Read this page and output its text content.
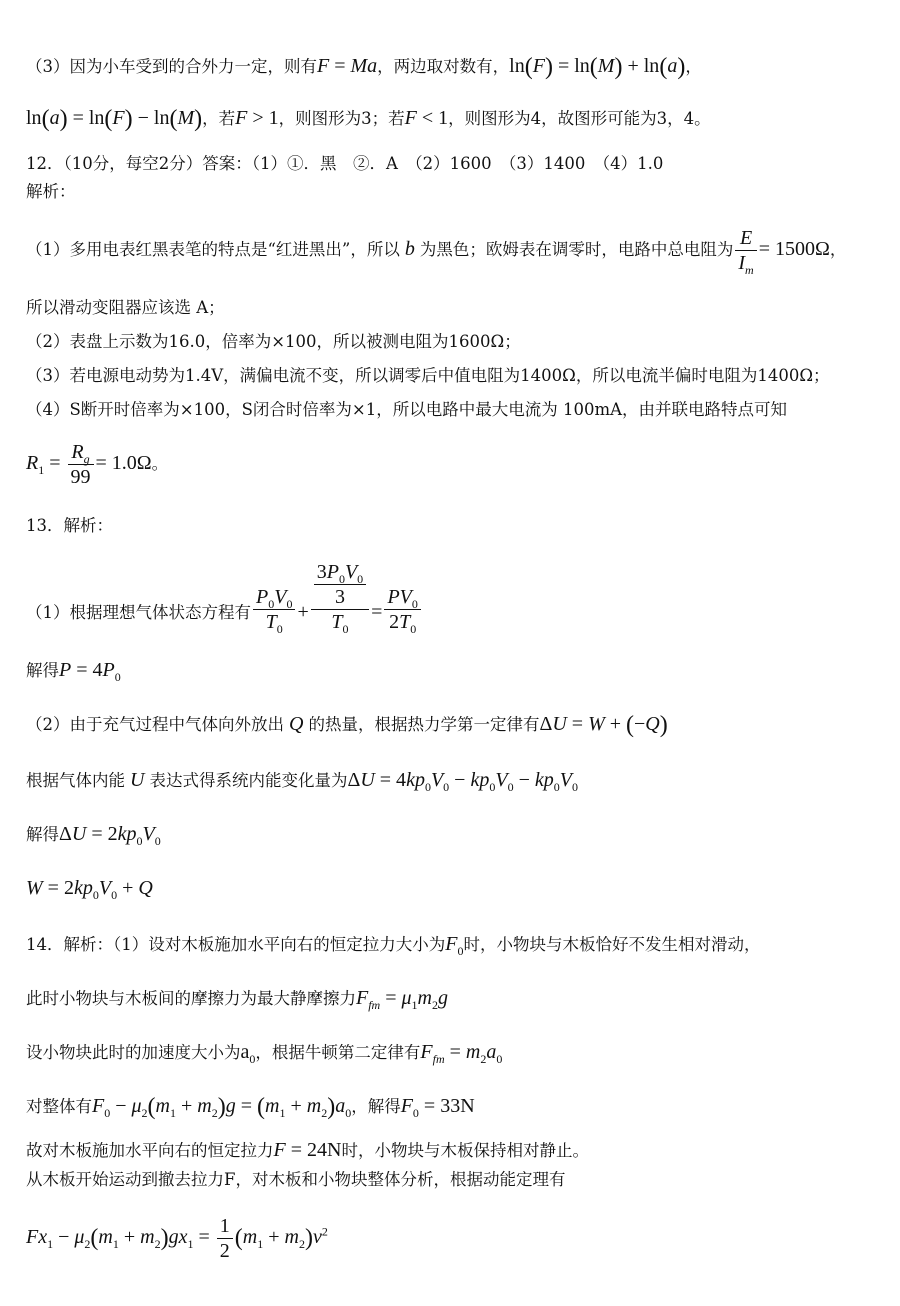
（3）因为小车受到的合外力一定，则有F = Ma，两边取对数有，ln(F) = ln(M) + ln(a)，
ln(a) = ln(F) − ln(M)，若F > 1，则图形为3；若F < 1，则图形为4，故图形可能为3，4。
12．（10分，每空2分）答案：（1）①．黑　②．A　（2）1600　（3）1400　（4）1.0
解析：
（1）多用电表红黑表笔的特点是“红进黑出”，所以 b 为黑色；欧姆表在调零时，电路中总电阻为 $\frac{E}{I_m} = 1500\Omega$，
所以滑动变阻器应该选 A；
（2）表盘上示数为16.0，倍率为×100，所以被测电阻为1600Ω；
（3）若电源电动势为1.4V，满偏电流不变，所以调零后中值电阻为1400Ω，所以电流半偏时电阻为1400Ω；
（4）S断开时倍率为×100，S闭合时倍率为×1，所以电路中最大电流为 100mA，由并联电路特点可知
$R_1 = \frac{R_g}{99} = 1.0\Omega$。
13．解析：
（1）根据理想气体状态方程有 $\frac{P_0V_0}{T_0} + \frac{\frac{3P_0V_0}{3}}{T_0} = \frac{PV_0}{2T_0}$
解得$P = 4P_0$
（2）由于充气过程中气体向外放出 Q 的热量，根据热力学第一定律有ΔU = W + (−Q)
根据气体内能 U 表达式得系统内能变化量为$\Delta U = 4kp_0V_0 - kp_0V_0 - kp_0V_0$
解得$\Delta U = 2kp_0V_0$
$W = 2kp_0V_0 + Q$
14．解析：（1）设对木板施加水平向右的恒定拉力大小为$F_0$时，小物块与木板恰好不发生相对滑动，
此时小物块与木板间的摩擦力为最大静摩擦力$F_{fm} = \mu_1m_2g$
设小物块此时的加速度大小为$a_0$，根据牛顿第二定律有$F_{fm} = m_2a_0$
对整体有$F_0 - \mu_2(m_1 + m_2)g = (m_1 + m_2)a_0$，解得$F_0 = 33N$
故对木板施加水平向右的恒定拉力F = 24N时，小物块与木板保持相对静止。
从木板开始运动到撤去拉力F，对木板和小物块整体分析，根据动能定理有
$Fx_1 - \mu_2(m_1 + m_2)gx_1 = \frac{1}{2} (m_1 + m_2)v^2$
